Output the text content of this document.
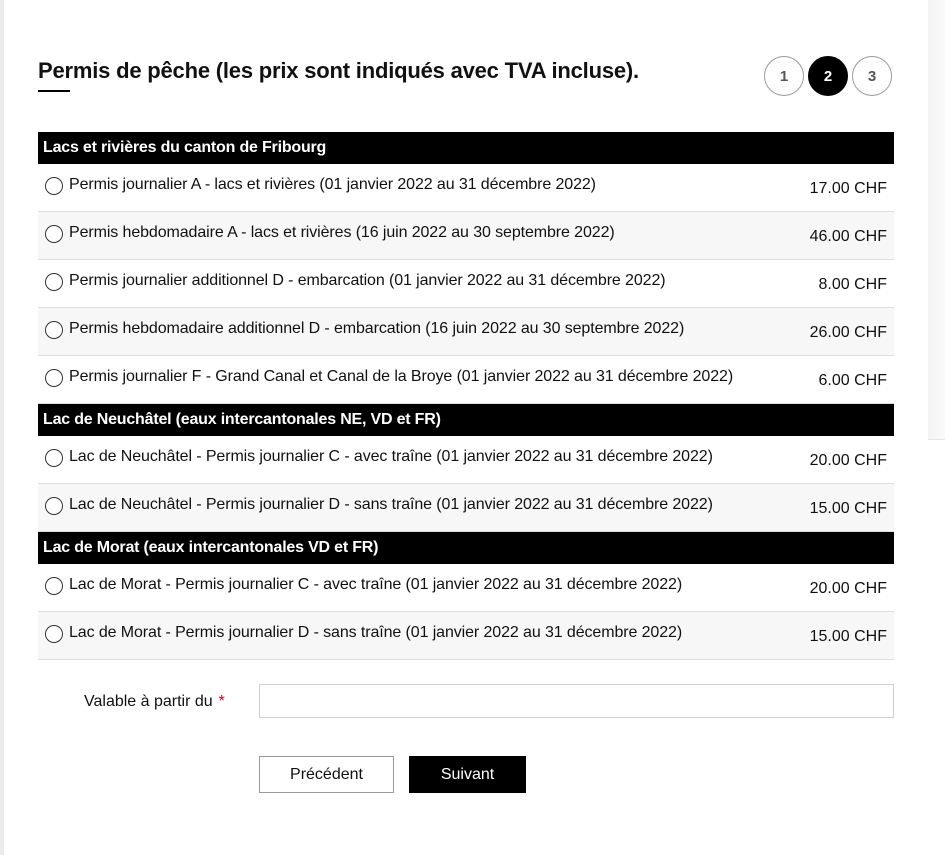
Permis de pêche (les prix sont indiqués avec TVA incluse).	1	2	3
Lacs et rivières du canton de Fribourg
Permis journalier A - lacs et rivières (01 janvier 2022 au 31 décembre 2022)	17.00 CHF
Permis hebdomadaire A - lacs et rivières (16 juin 2022 au 30 septembre 2022)	46.00 CHF
Permis journalier additionnel D - embarcation (01 janvier 2022 au 31 décembre 2022)	8.00 CHF
Permis hebdomadaire additionnel D - embarcation (16 juin 2022 au 30 septembre 2022)	26.00 CHF
Permis journalier F - Grand Canal et Canal de la Broye (01 janvier 2022 au 31 décembre 2022)	6.00 CHF
Lac de Neuchâtel (eaux intercantonales NE, VD et FR)
Lac de Neuchâtel - Permis journalier C - avec traîne (01 janvier 2022 au 31 décembre 2022)	20.00 CHF
Lac de Neuchâtel - Permis journalier D - sans traîne (01 janvier 2022 au 31 décembre 2022)	15.00 CHF
Lac de Morat (eaux intercantonales VD et FR)
Lac de Morat - Permis journalier C - avec traîne (01 janvier 2022 au 31 décembre 2022)	20.00 CHF
Lac de Morat - Permis journalier D - sans traîne (01 janvier 2022 au 31 décembre 2022)	15.00 CHF
Valable à partir du *
Précédent	Suivant
